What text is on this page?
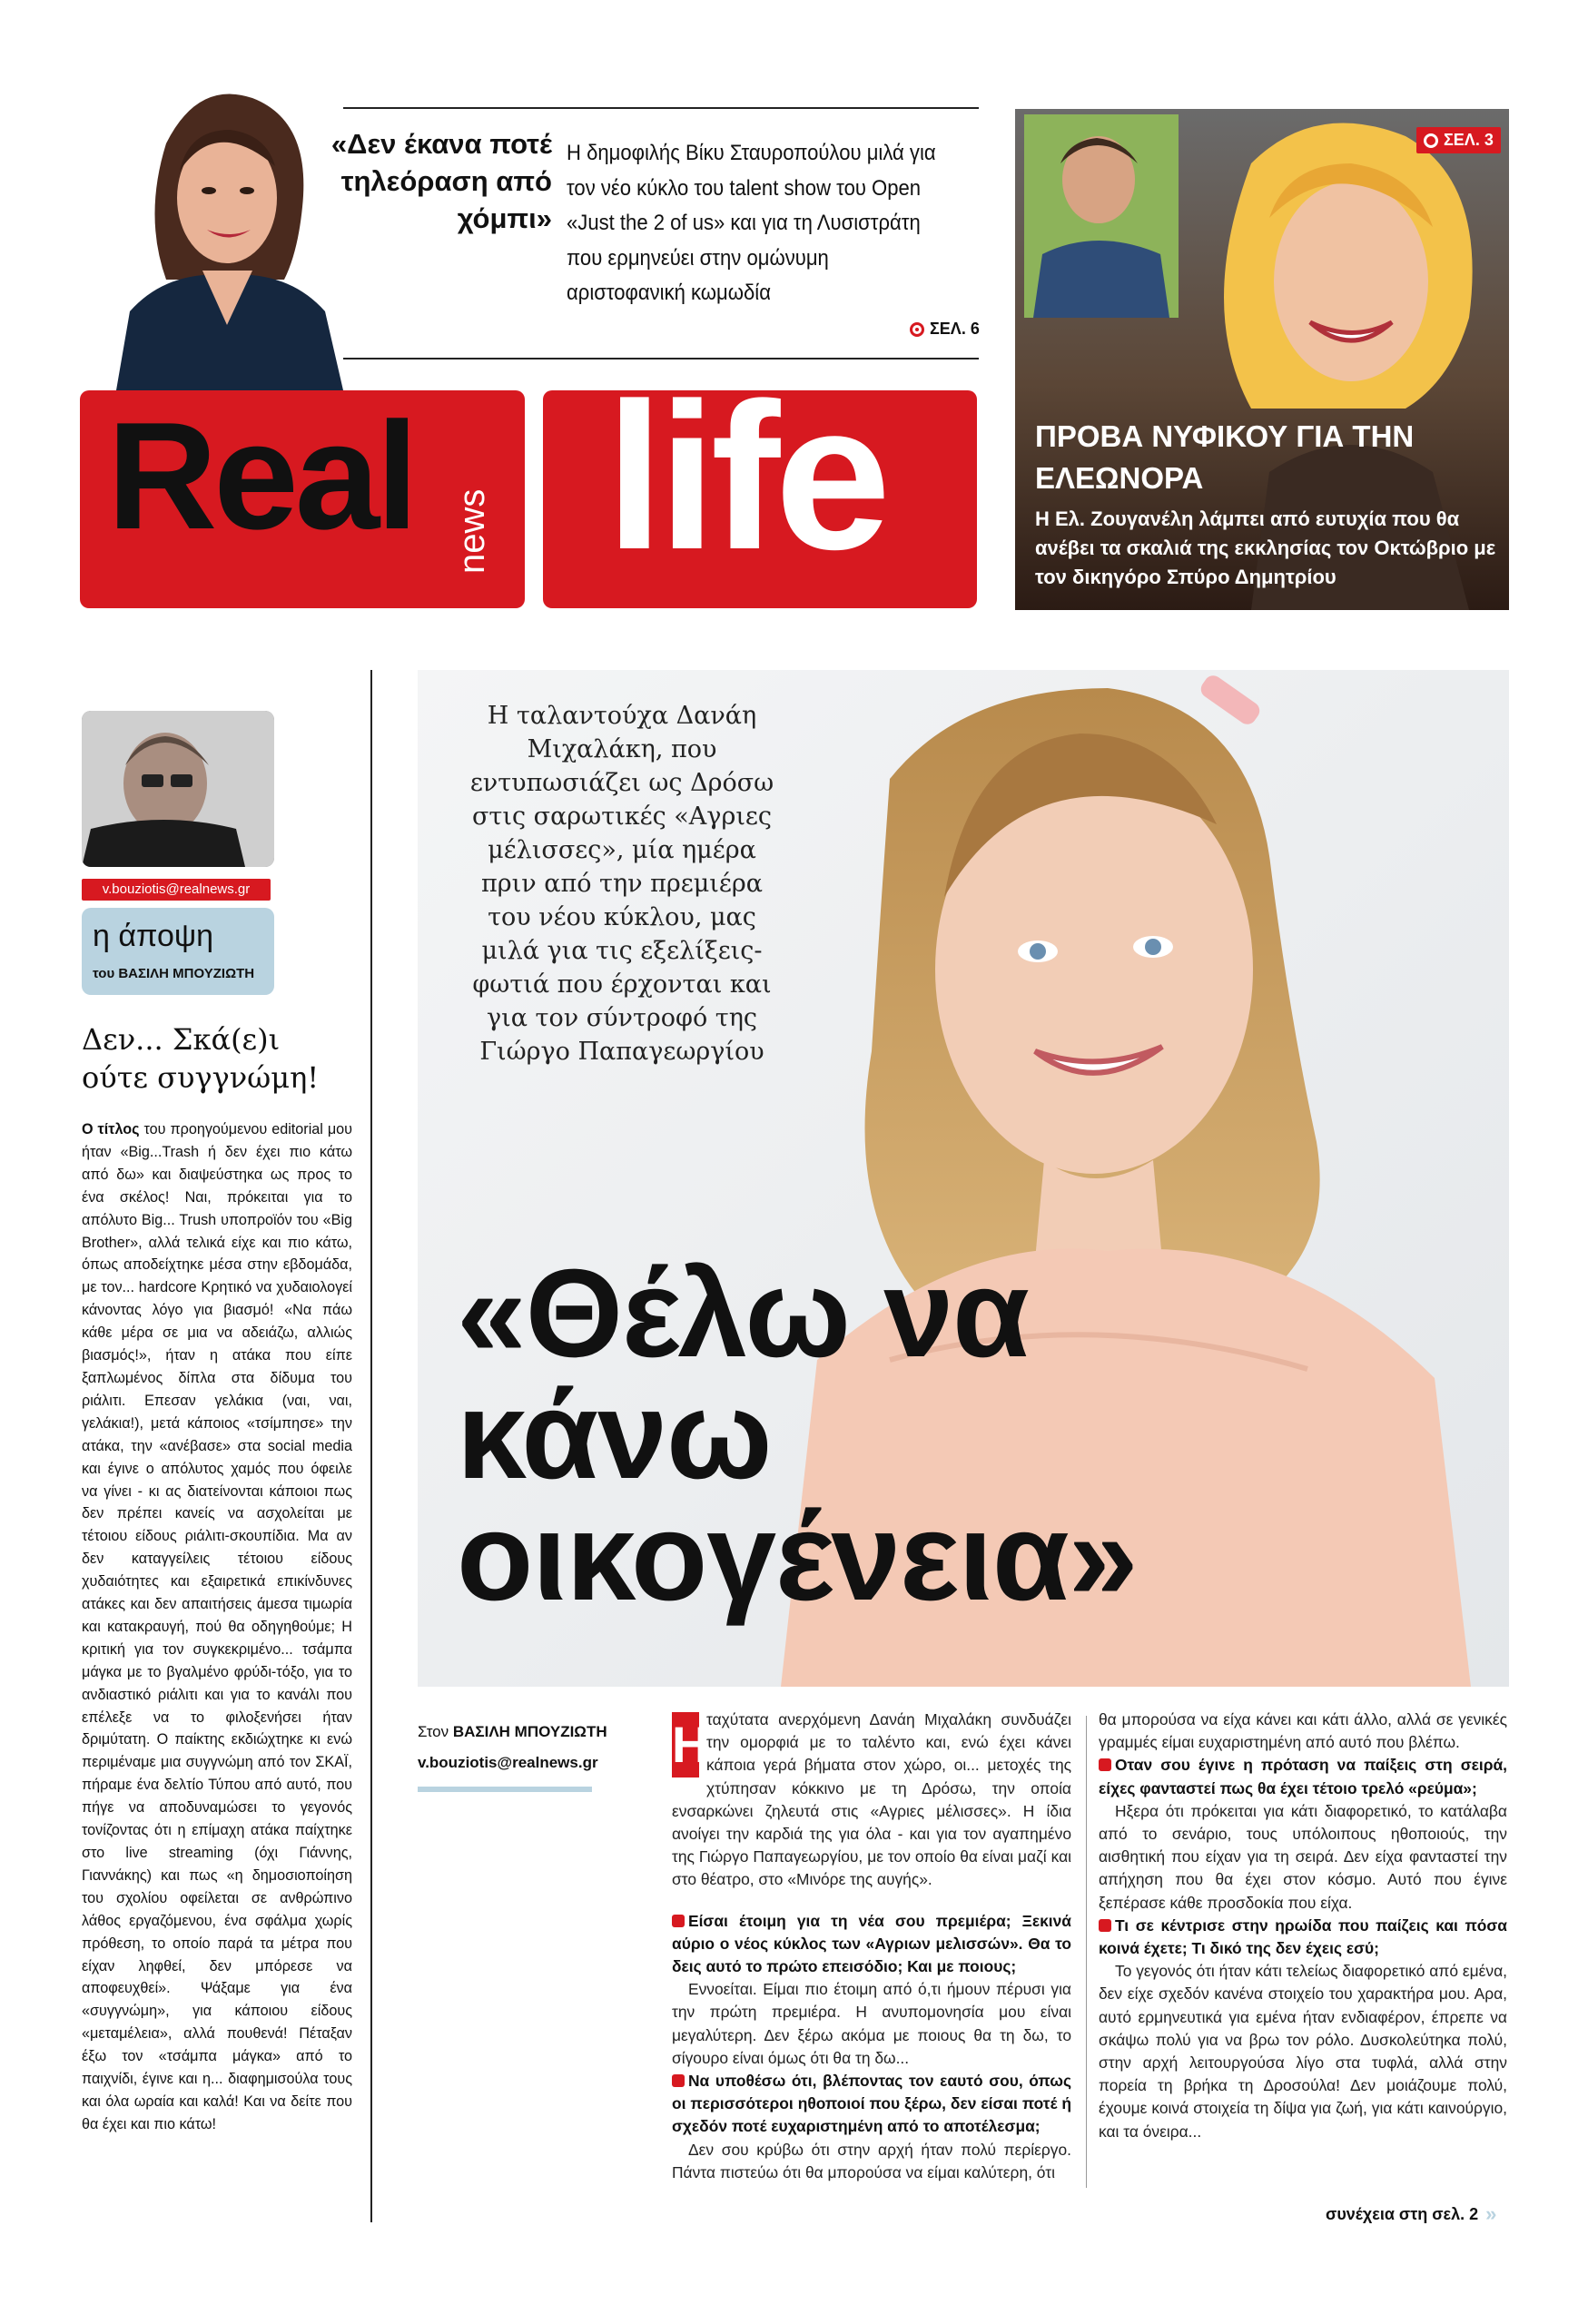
«Δεν έκανα ποτέ τηλεόραση από χόμπι»
Η δημοφιλής Βίκυ Σταυροπούλου μιλά για τον νέο κύκλο του talent show του Open «Just the 2 of us» και για τη Λυσιστράτη που ερμηνεύει στην ομώνυμη αριστοφανική κωμωδία
ΣΕΛ. 6
Real news life
ΣΕΛ. 3
ΠΡΟΒΑ ΝΥΦΙΚΟΥ ΓΙΑ ΤΗΝ ΕΛΕΩΝΟΡΑ
Η Ελ. Ζουγανέλη λάμπει από ευτυχία που θα ανέβει τα σκαλιά της εκκλησίας τον Οκτώβριο με τον δικηγόρο Σπύρο Δημητρίου
v.bouziotis@realnews.gr
η άποψη
του ΒΑΣΙΛΗ ΜΠΟΥΖΙΩΤΗ
Δεν... Σκά(ε)ι ούτε συγγνώμη!
Ο τίτλος του προηγούμενου editorial μου ήταν «Big...Trash ή δεν έχει πιο κάτω από δω» και διαψεύστηκα ως προς το ένα σκέλος! Ναι, πρόκειται για το απόλυτο Big... Trush υποπροϊόν του «Big Brother», αλλά τελικά είχε και πιο κάτω, όπως αποδείχτηκε μέσα στην εβδομάδα, με τον... hardcore Κρητικό να χυδαιολογεί κάνοντας λόγο για βιασμό! «Να πάω κάθε μέρα σε μια να αδειάζω, αλλιώς βιασμός!», ήταν η ατάκα που είπε ξαπλωμένος δίπλα στα δίδυμα του ριάλιτι. Επεσαν γελάκια (ναι, ναι, γελάκια!), μετά κάποιος «τσίμπησε» την ατάκα, την «ανέβασε» στα social media και έγινε ο απόλυτος χαμός που όφειλε να γίνει - κι ας διατείνονται κάποιοι πως δεν πρέπει κανείς να ασχολείται με τέτοιου είδους ριάλιτι-σκουπίδια. Μα αν δεν καταγγείλεις τέτοιου είδους χυδαιότητες και εξαιρετικά επικίνδυνες ατάκες και δεν απαιτήσεις άμεσα τιμωρία και κατακραυγή, πού θα οδηγηθούμε; Η κριτική για τον συγκεκριμένο... τσάμπα μάγκα με το βγαλμένο φρύδι-τόξο, για το ανδιαστικό ριάλιτι και για το κανάλι που επέλεξε να το φιλοξενήσει ήταν δριμύτατη. Ο παίκτης εκδιώχτηκε κι ενώ περιμέναμε μια συγγνώμη από τον ΣΚΑΪ, πήραμε ένα δελτίο Τύπου από αυτό, που πήγε να αποδυναμώσει το γεγονός τονίζοντας ότι η επίμαχη ατάκα παίχτηκε στο live streaming (όχι Γιάννης, Γιαννάκης) και πως «η δημοσιοποίηση του σχολίου οφείλεται σε ανθρώπινο λάθος εργαζόμενου, ένα σφάλμα χωρίς πρόθεση, το οποίο παρά τα μέτρα που είχαν ληφθεί, δεν μπόρεσε να αποφευχθεί». Ψάξαμε για ένα «συγγνώμη», για κάποιου είδους «μεταμέλεια», αλλά πουθενά! Πέταξαν έξω τον «τσάμπα μάγκα» από το παιχνίδι, έγινε και η... διαφημισούλα τους και όλα ωραία και καλά! Και να δείτε που θα έχει και πιο κάτω!
Η ταλαντούχα Δανάη Μιχαλάκη, που εντυπωσιάζει ως Δρόσω στις σαρωτικές «Αγριες μέλισσες», μία ημέρα πριν από την πρεμιέρα του νέου κύκλου, μας μιλά για τις εξελίξεις-φωτιά που έρχονται και για τον σύντροφό της Γιώργο Παπαγεωργίου
«Θέλω να κάνω οικογένεια»
Στον ΒΑΣΙΛΗ ΜΠΟΥΖΙΩΤΗ
v.bouziotis@realnews.gr Η
ταχύτατα ανερχόμενη Δανάη Μιχαλάκη συνδυάζει την ομορφιά με το ταλέντο και, ενώ έχει κάνει κάποια γερά βήματα στον χώρο, οι... μετοχές της χτύπησαν κόκκινο με τη Δρόσω, την οποία ενσαρκώνει ζηλευτά στις «Αγριες μέλισσες». Η ίδια ανοίγει την καρδιά της για όλα - και για τον αγαπημένο της Γιώργο Παπαγεωργίου, με τον οποίο θα είναι μαζί και στο θέατρο, στο «Μινόρε της αυγής».

Είσαι έτοιμη για τη νέα σου πρεμιέρα; Ξεκινά αύριο ο νέος κύκλος των «Αγριων μελισσών». Θα το δεις αυτό το πρώτο επεισόδιο; Και με ποιους;

Εννοείται. Είμαι πιο έτοιμη από ό,τι ήμουν πέρυσι για την πρώτη πρεμιέρα. Η ανυπομονησία μου είναι μεγαλύτερη. Δεν ξέρω ακόμα με ποιους θα τη δω, το σίγουρο είναι όμως ότι θα τη δω...

Να υποθέσω ότι, βλέποντας τον εαυτό σου, όπως οι περισσότεροι ηθοποιοί που ξέρω, δεν είσαι ποτέ ή σχεδόν ποτέ ευχαριστημένη από το αποτέλεσμα;

Δεν σου κρύβω ότι στην αρχή ήταν πολύ περίεργο. Πάντα πιστεύω ότι θα μπορούσα να είμαι καλύτερη, ότι

θα μπορούσα να είχα κάνει και κάτι άλλο, αλλά σε γενικές γραμμές είμαι ευχαριστημένη από αυτό που βλέπω.

Οταν σου έγινε η πρόταση να παίξεις στη σειρά, είχες φανταστεί πως θα έχει τέτοιο τρελό «ρεύμα»;

Ηξερα ότι πρόκειται για κάτι διαφορετικό, το κατάλαβα από το σενάριο, τους υπόλοιπους ηθοποιούς, την αισθητική που είχαν για τη σειρά. Δεν είχα φανταστεί την απήχηση που θα έχει στον κόσμο. Αυτό που έγινε ξεπέρασε κάθε προσδοκία που είχα.

Τι σε κέντρισε στην ηρωίδα που παίζεις και πόσα κοινά έχετε; Τι δικό της δεν έχεις εσύ;

Το γεγονός ότι ήταν κάτι τελείως διαφορετικό από εμένα, δεν είχε σχεδόν κανένα στοιχείο του χαρακτήρα μου. Αρα, αυτό ερμηνευτικά για εμένα ήταν ενδιαφέρον, έπρεπε να σκάψω πολύ για να βρω τον ρόλο. Δυσκολεύτηκα πολύ, στην αρχή λειτουργούσα λίγο στα τυφλά, αλλά στην πορεία τη βρήκα τη Δροσούλα! Δεν μοιάζουμε πολύ, έχουμε κοινά στοιχεία τη δίψα για ζωή, για κάτι καινούργιο, και τα όνειρα...

συνέχεια στη σελ. 2 »
